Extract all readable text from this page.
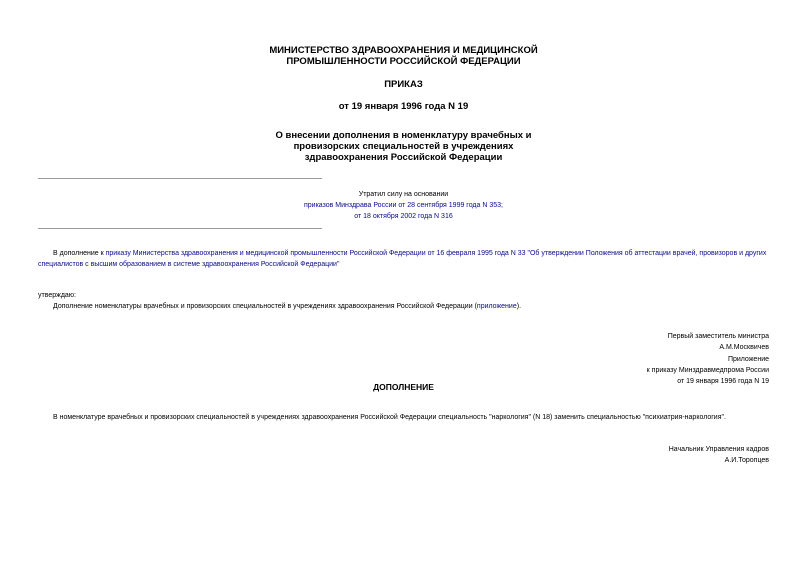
МИНИСТЕРСТВО ЗДРАВООХРАНЕНИЯ И МЕДИЦИНСКОЙ
ПРОМЫШЛЕННОСТИ РОССИЙСКОЙ ФЕДЕРАЦИИ
ПРИКАЗ
от 19 января 1996 года N 19
О внесении дополнения в номенклатуру врачебных и
провизорских специальностей в учреждениях
здравоохранения Российской Федерации
Утратил силу на основании
приказов Минздрава России от 28 сентября 1999 года N 353;
от 18 октября 2002 года N 316
В дополнение к приказу Министерства здравоохранения и медицинской промышленности Российской Федерации от 16 февраля 1995 года N 33 "Об утверждении Положения об аттестации врачей, провизоров и других специалистов с высшим образованием в системе здравоохранения Российской Федерации"
утверждаю:
Дополнение номенклатуры врачебных и провизорских специальностей в учреждениях здравоохранения Российской Федерации (приложение).
Первый заместитель министра
А.М.Москвичев
Приложение
к приказу Минздравмедпрома России
от 19 января 1996 года N 19
ДОПОЛНЕНИЕ
В номенклатуре врачебных и провизорских специальностей в учреждениях здравоохранения Российской Федерации специальность "наркология" (N 18) заменить специальностью "психиатрия-наркология".
Начальник Управления кадров
А.И.Торопцев
